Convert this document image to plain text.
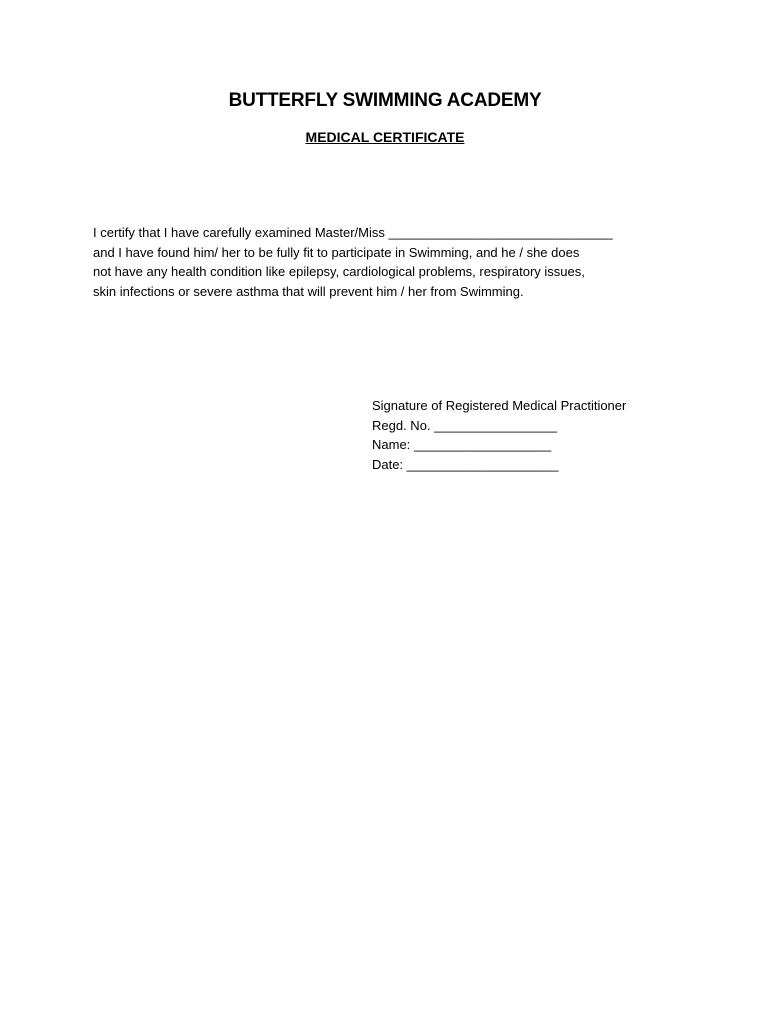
BUTTERFLY SWIMMING ACADEMY
MEDICAL CERTIFICATE
I certify that I have carefully examined Master/Miss _______________________________
and I have found him/ her to be fully fit to participate in Swimming, and he / she does
not have any health condition like epilepsy, cardiological problems, respiratory issues,
skin infections or severe asthma that will prevent him / her from Swimming.
Signature of Registered Medical Practitioner
Regd. No. _________________
Name: ___________________
Date: _____________________
